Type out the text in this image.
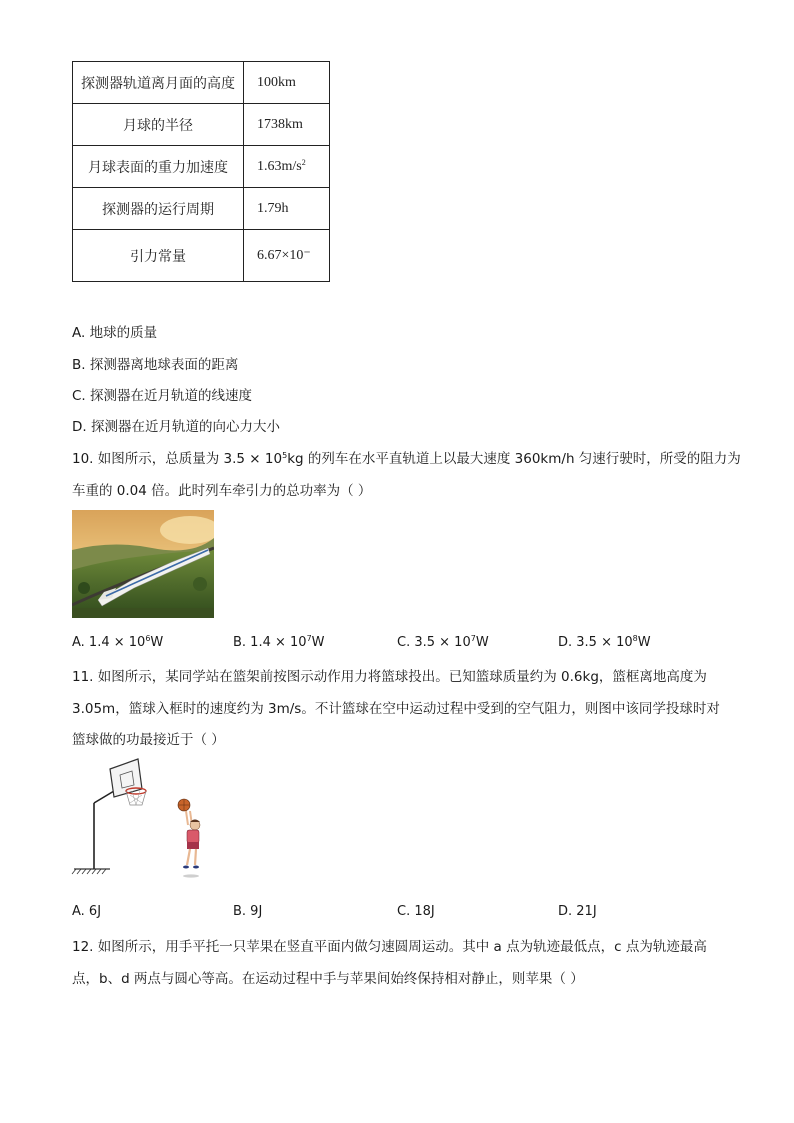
探测器轨道离月面的高度	100km
月球的半径	1738km
月球表面的重力加速度	$1.63m/s^2$
探测器的运行周期	1.79h
引力常量	6.67×10⁻
A. 地球的质量
B. 探测器离地球表面的距离
C. 探测器在近月轨道的线速度
D. 探测器在近月轨道的向心力大小
10. 如图所示，总质量为 $3.5 \times 10^5kg$ 的列车在水平直轨道上以最大速度 360km/h 匀速行驶时，所受的阻力为
车重的 0.04 倍。此时列车牵引力的总功率为（ ）
A. $1.4 \times 10^6W$	B. $1.4 \times 10^7W$	C. $3.5 \times 10^7W$	D. $3.5 \times 10^8W$
11. 如图所示，某同学站在篮架前按图示动作用力将篮球投出。已知篮球质量约为 0.6kg，篮框离地高度为
3.05m，篮球入框时的速度约为 3m/s。不计篮球在空中运动过程中受到的空气阻力，则图中该同学投球时对
篮球做的功最接近于（ ）
A. 6J	B. 9J	C. 18J	D. 21J
12. 如图所示，用手平托一只苹果在竖直平面内做匀速圆周运动。其中 a 点为轨迹最低点，c 点为轨迹最高
点，b、d 两点与圆心等高。在运动过程中手与苹果间始终保持相对静止，则苹果（ ）
